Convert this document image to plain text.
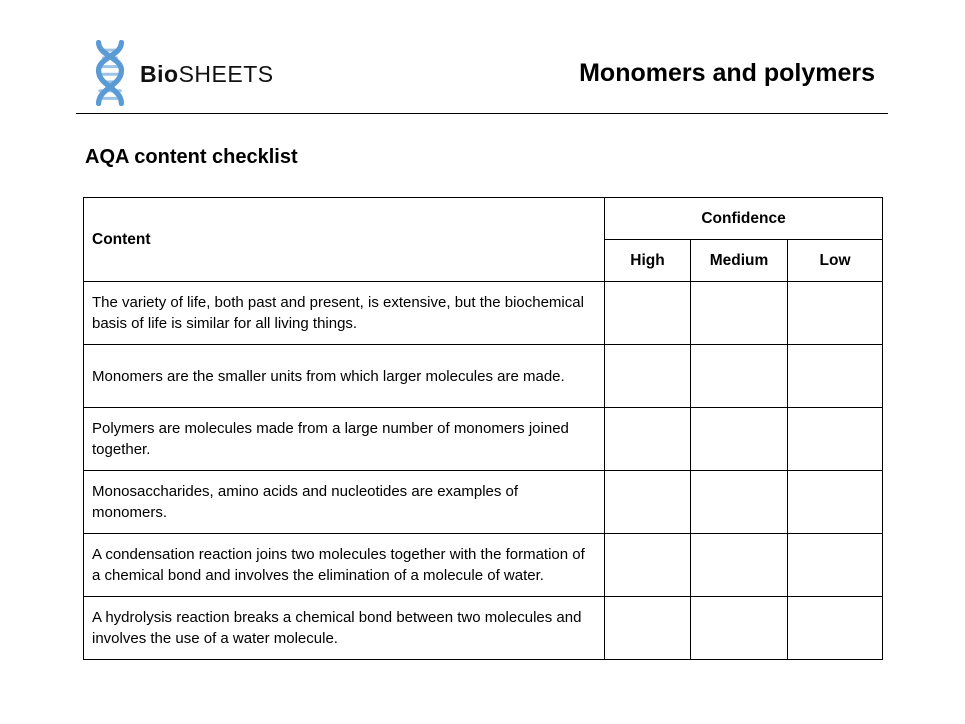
BioSHEETS	Monomers and polymers
AQA content checklist
Content	Confidence		
	High	Medium	Low
The variety of life, both past and present, is extensive, but the biochemical basis of life is similar for all living things.			
Monomers are the smaller units from which larger molecules are made.			
Polymers are molecules made from a large number of monomers joined together.			
Monosaccharides, amino acids and nucleotides are examples of monomers.			
A condensation reaction joins two molecules together with the formation of a chemical bond and involves the elimination of a molecule of water.			
A hydrolysis reaction breaks a chemical bond between two molecules and involves the use of a water molecule.			
